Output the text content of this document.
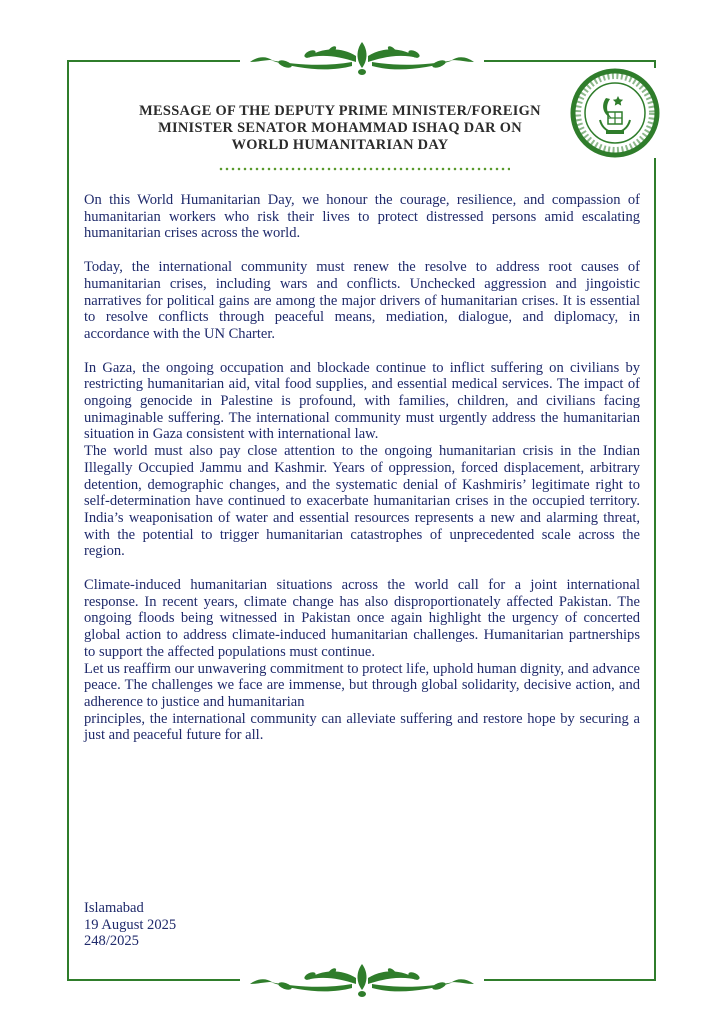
MESSAGE OF THE DEPUTY PRIME MINISTER/FOREIGN
MINISTER SENATOR MOHAMMAD ISHAQ DAR ON
WORLD HUMANITARIAN DAY

On this World Humanitarian Day, we honour the courage, resilience, and compassion of humanitarian workers who risk their lives to protect distressed persons amid escalating humanitarian crises across the world.

Today, the international community must renew the resolve to address root causes of humanitarian crises, including wars and conflicts. Unchecked aggression and jingoistic narratives for political gains are among the major drivers of humanitarian crises. It is essential to resolve conflicts through peaceful means, mediation, dialogue, and diplomacy, in accordance with the UN Charter.

In Gaza, the ongoing occupation and blockade continue to inflict suffering on civilians by restricting humanitarian aid, vital food supplies, and essential medical services. The impact of ongoing genocide in Palestine is profound, with families, children, and civilians facing unimaginable suffering. The international community must urgently address the humanitarian situation in Gaza consistent with international law.

The world must also pay close attention to the ongoing humanitarian crisis in the Indian Illegally Occupied Jammu and Kashmir. Years of oppression, forced displacement, arbitrary detention, demographic changes, and the systematic denial of Kashmiris’ legitimate right to self-determination have continued to exacerbate humanitarian crises in the occupied territory. India’s weaponisation of water and essential resources represents a new and alarming threat, with the potential to trigger humanitarian catastrophes of unprecedented scale across the region.

Climate-induced humanitarian situations across the world call for a joint international response. In recent years, climate change has also disproportionately affected Pakistan. The ongoing floods being witnessed in Pakistan once again highlight the urgency of concerted global action to address climate-induced humanitarian challenges. Humanitarian partnerships to support the affected populations must continue.

Let us reaffirm our unwavering commitment to protect life, uphold human dignity, and advance peace. The challenges we face are immense, but through global solidarity, decisive action, and adherence to justice and humanitarian

principles, the international community can alleviate suffering and restore hope by securing a just and peaceful future for all.

Islamabad
19 August 2025
248/2025
